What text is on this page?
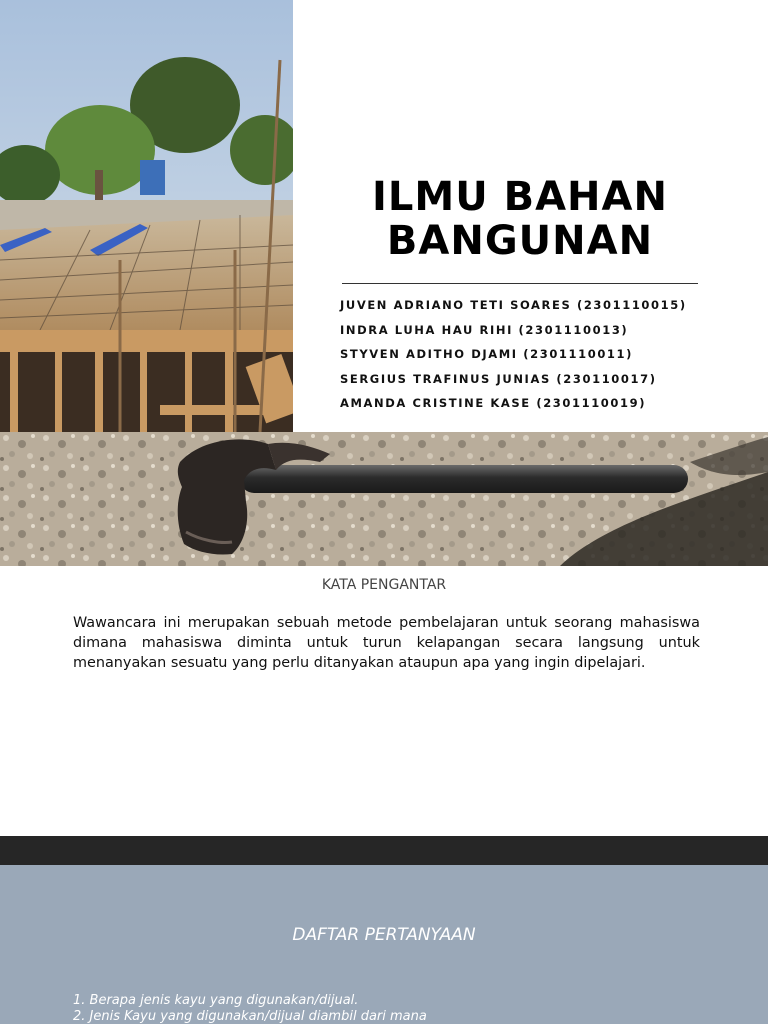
ILMU BAHAN
BANGUNAN
JUVEN ADRIANO TETI SOARES (2301110015)
INDRA LUHA HAU RIHI (2301110013)
STYVEN ADITHO DJAMI (2301110011)
SERGIUS TRAFINUS JUNIAS (230110017)
AMANDA CRISTINE KASE (2301110019)
KATA PENGANTAR

Wawancara ini merupakan sebuah metode pembelajaran untuk seorang mahasiswa dimana mahasiswa diminta untuk turun kelapangan secara langsung untuk menanyakan sesuatu yang perlu ditanyakan ataupun apa yang ingin dipelajari.

DAFTAR PERTANYAAN
1. Berapa jenis kayu yang digunakan/dijual.
2. Jenis Kayu yang digunakan/dijual diambil dari mana
